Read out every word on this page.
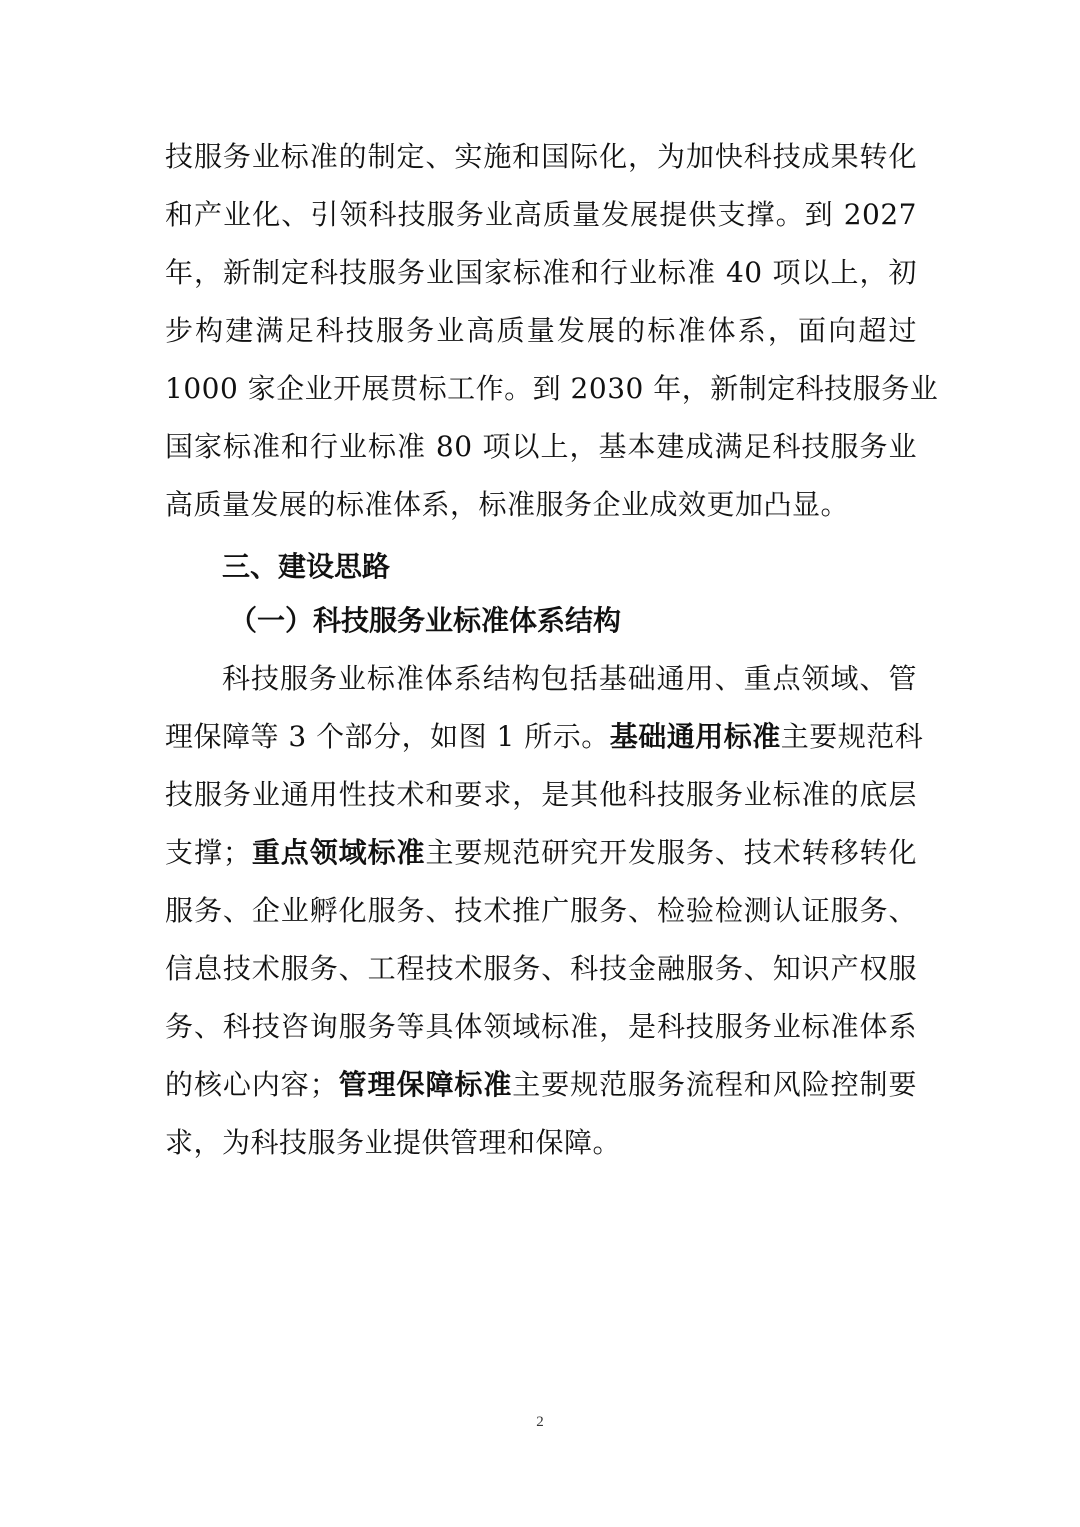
技服务业标准的制定、实施和国际化，为加快科技成果转化
和产业化、引领科技服务业高质量发展提供支撑。到 2027
年，新制定科技服务业国家标准和行业标准 40 项以上，初
步构建满足科技服务业高质量发展的标准体系，面向超过
1000 家企业开展贯标工作。到 2030 年，新制定科技服务业
国家标准和行业标准 80 项以上，基本建成满足科技服务业
高质量发展的标准体系，标准服务企业成效更加凸显。
三、建设思路
（一）科技服务业标准体系结构
科技服务业标准体系结构包括基础通用、重点领域、管
理保障等 3 个部分，如图 1 所示。基础通用标准主要规范科
技服务业通用性技术和要求，是其他科技服务业标准的底层
支撑；重点领域标准主要规范研究开发服务、技术转移转化
服务、企业孵化服务、技术推广服务、检验检测认证服务、
信息技术服务、工程技术服务、科技金融服务、知识产权服
务、科技咨询服务等具体领域标准，是科技服务业标准体系
的核心内容；管理保障标准主要规范服务流程和风险控制要
求，为科技服务业提供管理和保障。
2
